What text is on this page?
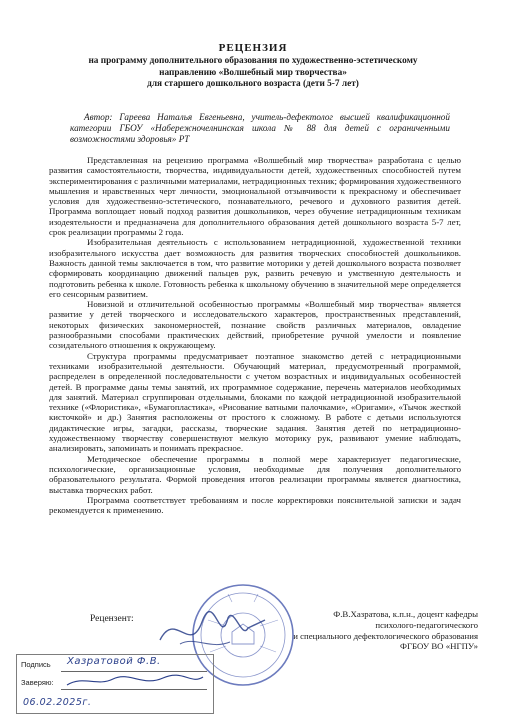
РЕЦЕНЗИЯ
на программу дополнительного образования по художественно-эстетическому
направлению «Волшебный мир творчества»
для старшего дошкольного возраста (дети 5-7 лет)
Автор: Гареева Наталья Евгеньевна, учитель-дефектолог высшей квалификационной категории ГБОУ «Набережночелнинская школа № 88 для детей с ограниченными возможностями здоровья» РТ

Представленная на рецензию программа «Волшебный мир творчества» разработана с целью развития самостоятельности, творчества, индивидуальности детей, художественных способностей путем экспериментирования с различными материалами, нетрадиционных техник; формирования художественного мышления и нравственных черт личности, эмоциональной отзывчивости к прекрасному и обеспечивает условия для художественно-эстетического, познавательного, речевого и духовного развития детей. Программа воплощает новый подход развития дошкольников, через обучение нетрадиционным техникам изодеятельности и предназначена для дополнительного образования детей дошкольного возраста 5-7 лет, срок реализации программы 2 года.

Изобразительная деятельность с использованием нетрадиционной, художественной техники изобразительного искусства дает возможность для развития творческих способностей дошкольников. Важность данной темы заключается в том, что развитие моторики у детей дошкольного возраста позволяет сформировать координацию движений пальцев рук, развить речевую и умственную деятельность и подготовить ребенка к школе. Готовность ребенка к школьному обучению в значительной мере определяется его сенсорным развитием.

Новизной и отличительной особенностью программы «Волшебный мир творчества» является развитие у детей творческого и исследовательского характеров, пространственных представлений, некоторых физических закономерностей, познание свойств различных материалов, овладение разнообразными способами практических действий, приобретение ручной умелости и появление созидательного отношения к окружающему.

Структура программы предусматривает поэтапное знакомство детей с нетрадиционными техниками изобразительной деятельности. Обучающий материал, предусмотренный программой, распределен в определенной последовательности с учетом возрастных и индивидуальных особенностей детей. В программе даны темы занятий, их программное содержание, перечень материалов необходимых для занятий. Материал сгруппирован отдельными, блоками по каждой нетрадиционной изобразительной технике («Флористика», «Бумагопластика», «Рисование ватными палочками», «Оригами», «Тычок жесткой кисточкой» и др.) Занятия расположены от простого к сложному. В работе с детьми используются дидактические игры, загадки, рассказы, творческие задания. Занятия детей по нетрадиционно-художественному творчеству совершенствуют мелкую моторику рук, развивают умение наблюдать, анализировать, запоминать и понимать прекрасное.

Методическое обеспечение программы в полной мере характеризует педагогические, психологические, организационные условия, необходимые для получения дополнительного образовательного результата. Формой проведения итогов реализации программы является диагностика, выставка творческих работ.

Программа соответствует требованиям и после корректировки пояснительной записки и задач рекомендуется к применению.

Рецензент:	Ф.В.Хазратова, к.п.н., доцент кафедры
психолого-педагогического
и специального дефектологического образования
ФГБОУ ВО «НГПУ»
Подпись Хазратовой Ф.В.
Заверяю:
06.02.2025г.
